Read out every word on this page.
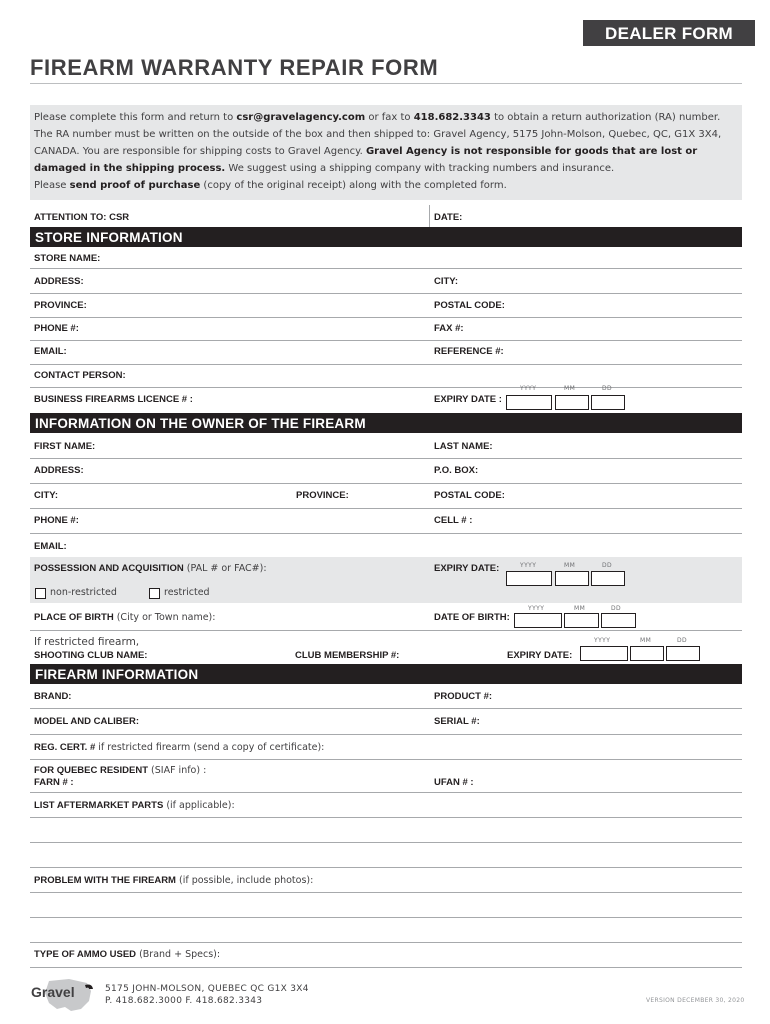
DEALER FORM
FIREARM WARRANTY REPAIR FORM
Please complete this form and return to csr@gravelagency.com or fax to 418.682.3343 to obtain a return authorization (RA) number. The RA number must be written on the outside of the box and then shipped to: Gravel Agency, 5175 John-Molson, Quebec, QC, G1X 3X4, CANADA. You are responsible for shipping costs to Gravel Agency. Gravel Agency is not responsible for goods that are lost or damaged in the shipping process. We suggest using a shipping company with tracking numbers and insurance.
Please send proof of purchase (copy of the original receipt) along with the completed form.
ATTENTION TO: CSR	DATE:
STORE INFORMATION
STORE NAME:
ADDRESS:	CITY:
PROVINCE:	POSTAL CODE:
PHONE #:	FAX #:
EMAIL:	REFERENCE #:
CONTACT PERSON:
BUSINESS FIREARMS LICENCE # :	EXPIRY DATE :
YYYY	MM	DD
INFORMATION ON THE OWNER OF THE FIREARM
FIRST NAME:	LAST NAME:
ADDRESS:	P.O. BOX:
CITY:	PROVINCE:	POSTAL CODE:
PHONE #:	CELL # :
EMAIL:
POSSESSION AND ACQUISITION (PAL # or FAC#):	EXPIRY DATE:	YYYY	MM	DD
non-restricted	restricted
PLACE OF BIRTH (City or Town name):	DATE OF BIRTH:
YYYY	MM	DD
If restricted firearm,
SHOOTING CLUB NAME:	CLUB MEMBERSHIP #:	EXPIRY DATE:
YYYY	MM	DD
FIREARM INFORMATION
BRAND:	PRODUCT #:
MODEL AND CALIBER:	SERIAL #:
REG. CERT. # if restricted firearm (send a copy of certificate):
FOR QUEBEC RESIDENT (SIAF info) :
FARN # :	UFAN # :
LIST AFTERMARKET PARTS (if applicable):
PROBLEM WITH THE FIREARM (if possible, include photos):
TYPE OF AMMO USED (Brand + Specs):
Gravel	5175 JOHN-MOLSON, QUEBEC QC G1X 3X4
P. 418.682.3000 F. 418.682.3343	VERSION DECEMBER 30, 2020
